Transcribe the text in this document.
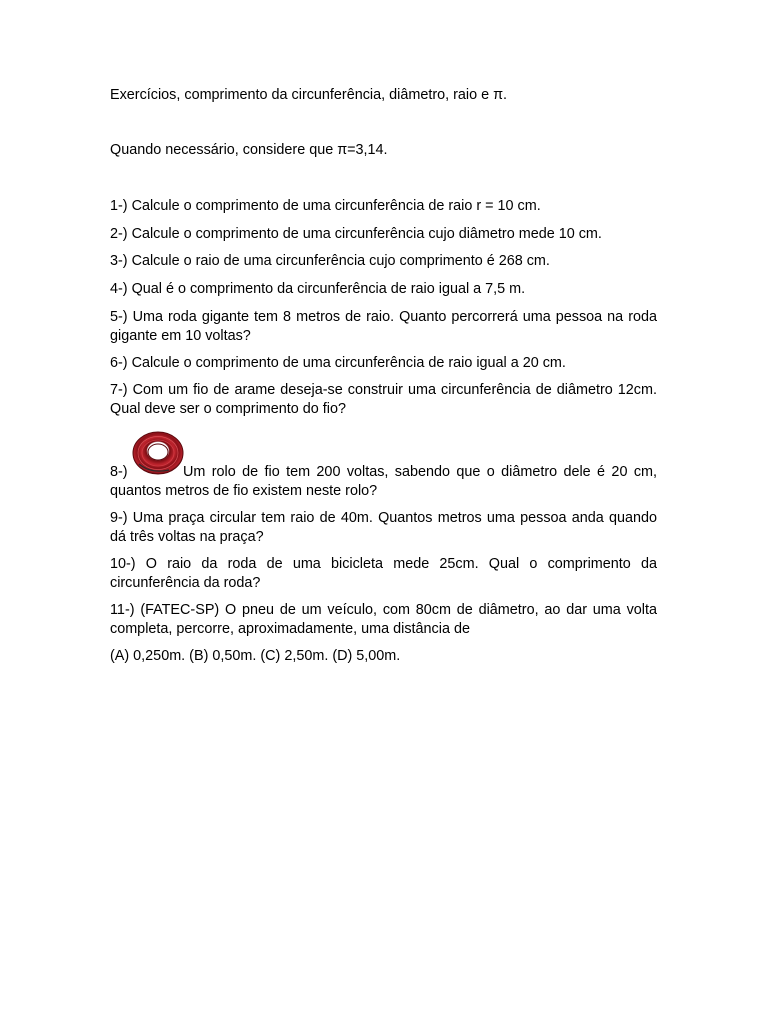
Exercícios, comprimento da circunferência, diâmetro, raio e π.
Quando necessário, considere que π=3,14.
1-) Calcule o comprimento de uma circunferência de raio r = 10 cm.
2-) Calcule o comprimento de uma circunferência cujo diâmetro mede 10 cm.
3-) Calcule o raio de uma circunferência cujo comprimento é 268 cm.
4-) Qual é o comprimento da circunferência de raio igual a 7,5 m.
5-) Uma roda gigante tem 8 metros de raio. Quanto percorrerá uma pessoa na roda gigante em 10 voltas?
6-) Calcule o comprimento de uma circunferência de raio igual a 20 cm.
7-) Com um fio de arame deseja-se construir uma circunferência de diâmetro 12cm. Qual deve ser o comprimento do fio?
8-)	Um rolo de fio tem 200 voltas, sabendo que o diâmetro dele é 20 cm,
quantos metros de fio existem neste rolo?
9-) Uma praça circular tem raio de 40m. Quantos metros uma pessoa anda quando dá três voltas na praça?
10-) O raio da roda de uma bicicleta mede 25cm. Qual o comprimento da circunferência da roda?
11-) (FATEC-SP) O pneu de um veículo, com 80cm de diâmetro, ao dar uma volta completa, percorre, aproximadamente, uma distância de
(A) 0,250m. (B) 0,50m. (C) 2,50m. (D) 5,00m.
